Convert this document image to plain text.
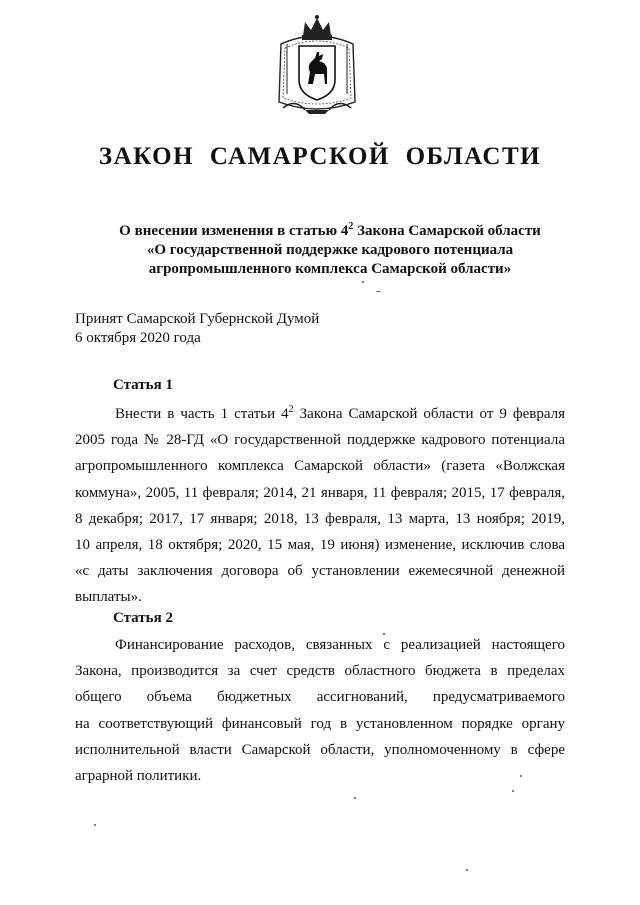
ЗАКОН САМАРСКОЙ ОБЛАСТИ
О внесении изменения в статью $4^2$ Закона Самарской области
«О государственной поддержке кадрового потенциала
агропромышленного комплекса Самарской области»
Принят Самарской Губернской Думой
6 октября 2020 года
Статья 1
Внести в часть 1 статьи $4^2$ Закона Самарской области от 9 февраля
2005 года № 28-ГД «О государственной поддержке кадрового потенциала
агропромышленного комплекса Самарской области» (газета «Волжская
коммуна», 2005, 11 февраля; 2014, 21 января, 11 февраля; 2015, 17 февраля,
8 декабря; 2017, 17 января; 2018, 13 февраля, 13 марта, 13 ноября; 2019,
10 апреля, 18 октября; 2020, 15 мая, 19 июня) изменение, исключив слова
«с даты заключения договора об установлении ежемесячной денежной
выплаты».
Статья 2
Финансирование расходов, связанных с реализацией настоящего
Закона, производится за счет средств областного бюджета в пределах
общего объема бюджетных ассигнований, предусматриваемого
на соответствующий финансовый год в установленном порядке органу
исполнительной власти Самарской области, уполномоченному в сфере
аграрной политики.
